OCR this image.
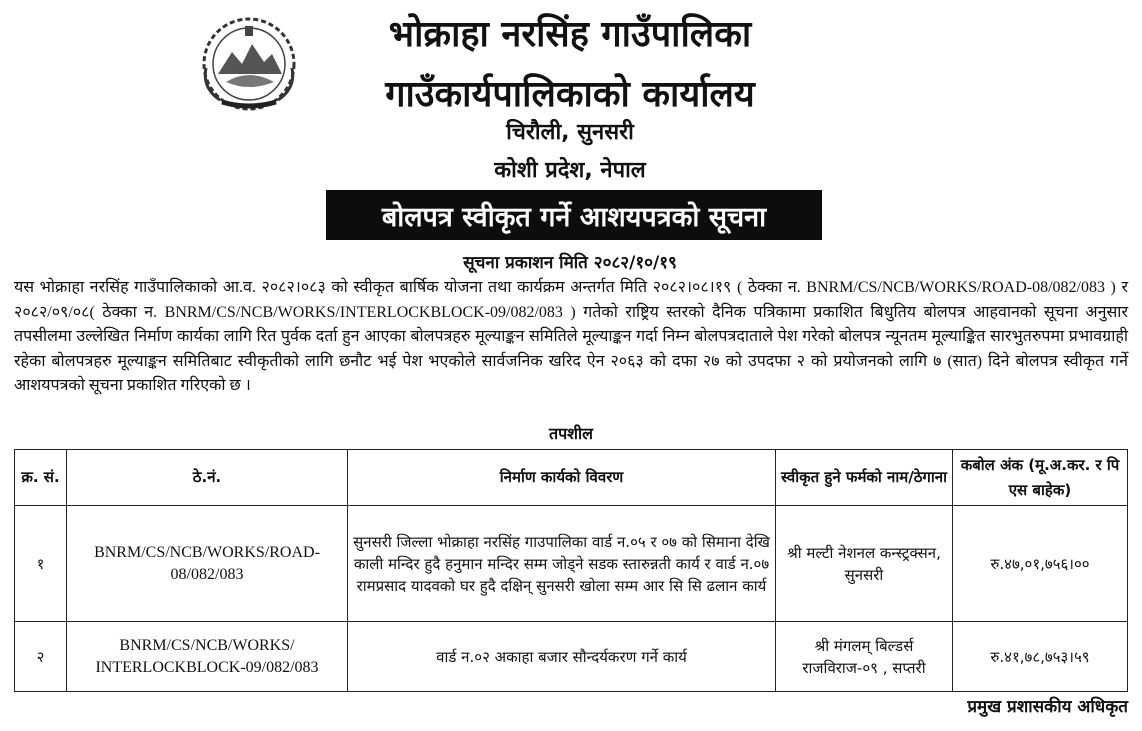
भोक्राहा नरसिंह गाउँपालिका
गाउँकार्यपालिकाको कार्यालय
चिरौली, सुनसरी
कोशी प्रदेश, नेपाल
बोलपत्र स्वीकृत गर्ने आशयपत्रको सूचना
सूचना प्रकाशन मिति २०८२/१०/१९

यस भोक्राहा नरसिंह गाउँपालिकाको आ.व. २०८२।०८३ को स्वीकृत बार्षिक योजना तथा कार्यक्रम अन्तर्गत मिति २०८२।०८।१९ ( ठेक्का न. BNRM/CS/NCB/WORKS/ROAD-08/082/083 ) र २०८२/०९/०८( ठेक्का न. BNRM/CS/NCB/WORKS/INTERLOCKBLOCK-09/082/083 ) गतेको राष्ट्रिय स्तरको दैनिक पत्रिकामा प्रकाशित बिधुतिय बोलपत्र आहवानको सूचना अनुसार तपसीलमा उल्लेखित निर्माण कार्यका लागि रित पुर्वक दर्ता हुन आएका बोलपत्रहरु मूल्याङ्कन समितिले मूल्याङ्कन गर्दा निम्न बोलपत्रदाताले पेश गरेको बोलपत्र न्यूनतम मूल्याङ्कित सारभुतरुपमा प्रभावग्राही रहेका बोलपत्रहरु मूल्याङ्कन समितिबाट स्वीकृतीको लागि छनौट भई पेश भएकोले सार्वजनिक खरिद ऐन २०६३ को दफा २७ को उपदफा २ को प्रयोजनको लागि ७ (सात) दिने बोलपत्र स्वीकृत गर्ने आशयपत्रको सूचना प्रकाशित गरिएको छ ।

तपशील
क्र. सं.	ठे.नं.	निर्माण कार्यको विवरण	स्वीकृत हुने फर्मको नाम/ठेगाना	कबोल अंक (मू.अ.कर. र पि एस बाहेक)
१	BNRM/CS/NCB/WORKS/ROAD-08/082/083	सुनसरी जिल्ला भोक्राहा नरसिंह गाउपालिका वार्ड न.०५ र ०७ को सिमाना देखि काली मन्दिर हुदै हनुमान मन्दिर सम्म जोड्ने सडक स्तारुन्नती कार्य र वार्ड न.०७ रामप्रसाद यादवको घर हुदै दक्षिन् सुनसरी खोला सम्म आर सि सि ढलान कार्य	श्री मल्टी नेशनल कन्स्ट्रक्सन, सुनसरी	रु.४७,०१,७५६।००
२	BNRM/CS/NCB/WORKS/ INTERLOCKBLOCK-09/082/083	वार्ड न.०२ अकाहा बजार सौन्दर्यकरण गर्ने कार्य	श्री मंगलम् बिल्डर्स राजविराज-०९ , सप्तरी	रु.४१,७८,७५३।५९
प्रमुख प्रशासकीय अधिकृत
